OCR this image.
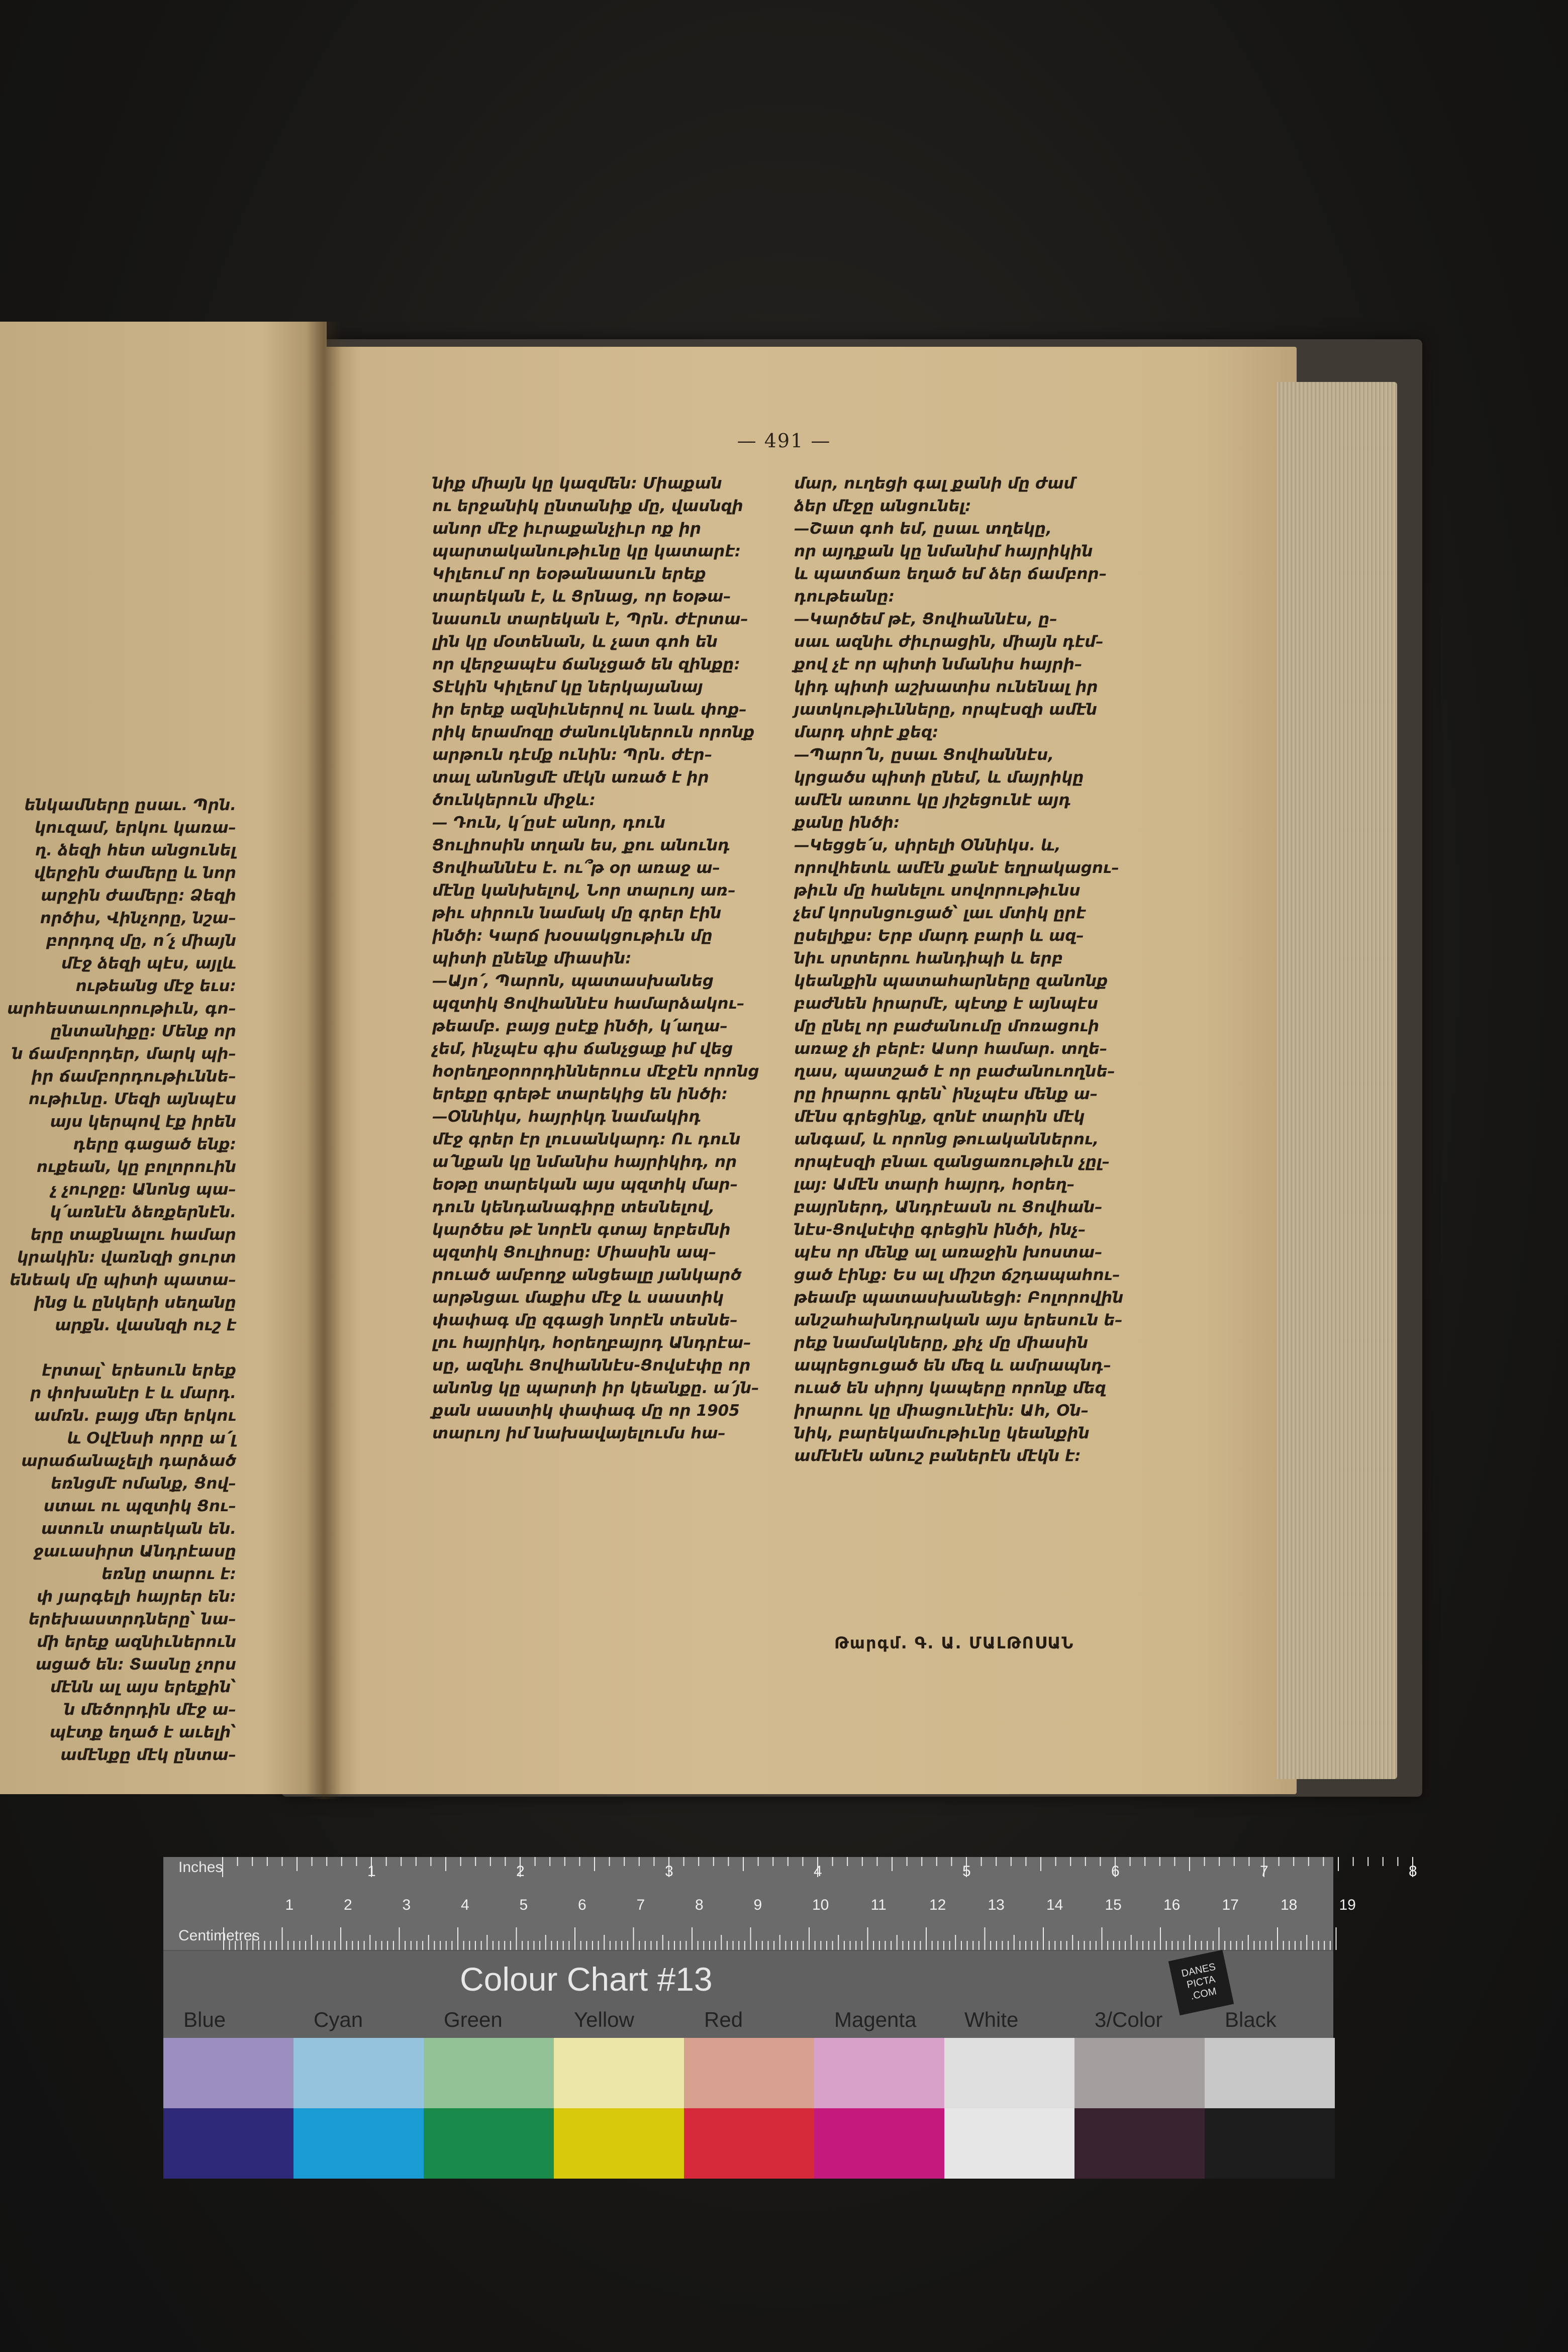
ենկամները ըսաւ. Պրն.

կուզամ, երկու կառա–

ղ. ձեզի հետ անցունել

վերջին ժամերը և նոր

արջին ժամերը։ Ձեզի

ործիս, Վինչորը, նշա–

բորդոզ մը, ո՛չ միայն

մէջ ձեզի պէս, այլև

ութեանց մէջ եւս։

արհեստաւորութիւն, գո–

ընտանիքը։ Մենք որ

ն ճամբորդեր, մարկ պի–

իր ճամբորդութիւննե–

ութիւնը. Մեզի այնպէս

այս կերպով էք իրեն

դերը գացած ենք։

ուքեան, կը բոլորուին

չ չուրջը։ Անոնց պա–

կ՛առնէն ձեռքերնէն.

երը տաքնալու համար

կրակին։ վառնզի ցուրտ

ենեակ մը պիտի պատա–

ինց և ընկերի սեղանը

արքն. վասնզի ուշ է

էրտալ՝ երեսուն երեք

ր փոխանէր է և մարդ.

ամռն. բայց մեր երկու

և Օվէնսի որրը ա՛լ

արաճանաչելի դարձած

եռնցմէ ոմանք, Ցով–

ստաւ ու պզտիկ Ցու–

ատուն տարեկան են.

ջաւասիրտ Անդրէասը

եռնը տարու է։

փ յարգելի հայրեր են։

երեխաստրդները՝ նա–

մի երեք ազնիւներուն

ացած են։ Տասնը չորս

մէնն ալ այս երեքին՝

ն մեծորդին մէջ ա–

պէտք եղած է աւելի՝

ամէնքը մէկ ընտա–

— 491 —

նիք միայն կը կազմեն։ Միաքան

ու երջանիկ ընտանիք մը, վասնզի

անոր մէջ իւրաքանչիւր ոք իր

պարտականութիւնը կը կատարէ։

Կիլեում որ եօթանասուն երեք

տարեկան է, և Ցրնաց, որ եօթա–

նասուն տարեկան է, Պրն. ժէրտա–

լին կը մօտենան, և չատ գոհ են

որ վերջապէս ճանչցած են զինքը։

Տէկին Կիլեոմ կը ներկայանայ

իր երեք ազնիւներով ու նաև փոք–

րիկ երամոզը ժանուկներուն որոնք

արթուն դէմք ունին։ Պրն. ժէր–

տալ անոնցմէ մէկն առած է իր

ծունկերուն միջև։

— Դուն, կ՛ըսէ անոր, դուն

Ցուլիոսին տղան ես, քու անունդ

Ցովհաննէս է. ու՞թ օր առաջ ա–

մէնը կանխելով, Նոր տարւոյ առ–

թիւ սիրուն նամակ մը գրեր էին

ինծի։ Կարճ խօսակցութիւն մը

պիտի ընենք միասին։

—Այո՛, Պարոն, պատասխանեց

պզտիկ Ցովհաննէս համարձակու–

թեամբ. բայց ըսէք ինծի, կ՛աղա–

չեմ, ինչպէս գիս ճանչցաք իմ վեց

հօրեղբօրորդիններուս մէջէն որոնց

երեքը գրեթէ տարեկից են ինծի։

—Օննիկս, հայրիկդ նամակիդ

մէջ գրեր էր լուսանկարդ։ Ու դուն

ա՛նքան կը նմանիս հայրիկիդ, որ

եօթը տարեկան այս պզտիկ մար–

դուն կենդանագիրը տեսնելով,

կարծես թէ նորէն գտայ երբեմնի

պզտիկ Ցուլիոսը։ Միասին ապ–

րուած ամբողջ անցեալը յանկարծ

արթնցաւ մաքիս մէջ և սաստիկ

փափագ մը զգացի նորէն տեսնե–

լու հայրիկդ, հօրեղբայրդ Անդրէա–

սը, ազնիւ Ցովհաննէս-Ցովսէփը որ

անոնց կը պարտի իր կեանքը. ա՛յն–

քան սաստիկ փափագ մը որ 1905

տարւոյ իմ նախավայելումս հա–

մար, ուղեցի գալ քանի մը ժամ

ձեր մէջը անցունել։

—Շատ գոհ եմ, ըսաւ տղեկը,

որ այդքան կը նմանիմ հայրիկին

և պատճառ եղած եմ ձեր ճամբոր–

դութեանը։

—Կարծեմ թէ, Ցովհաննէս, ը–

սաւ ազնիւ ժիւրացին, միայն դէմ–

քով չէ որ պիտի նմանիս հայրի–

կիդ պիտի աշխատիս ունենալ իր

յատկութիւնները, որպէսզի ամէն

մարդ սիրէ քեզ։

—Պարո՛ն, ըսաւ Ցովհաննէս,

կրցածս պիտի ընեմ, և մայրիկը

ամէն առտու կը յիշեցունէ այդ

քանը ինծի։

—Կեցցե՛ս, սիրելի Օննիկս. և,

որովհետև ամէն քանէ եղրակացու–

թիւն մը հանելու սովորութիւնս

չեմ կորսնցուցած՝ լաւ մտիկ ըրէ

ըսելիքս։ Երբ մարդ բարի և ազ–

նիւ սրտերու հանդիպի և երբ

կեանքին պատահարները զանոնք

բաժնեն իրարմէ, պէտք է այնպէս

մը ընել որ բաժանումը մոռացուի

առաջ չի բերէ։ Ասոր համար. տղե–

ղաս, պատշած է որ բաժանուողնե–

րը իրարու գրեն՝ ինչպէս մենք ա–

մէնս գրեցինք, զոնէ տարին մէկ

անգամ, և որոնց թուականներու,

որպէսզի բնաւ զանցառութիւն չըլ–

լայ։ Ամէն տարի հայրդ, հօրեղ–

բայրներդ, Անդրէասն ու Ցովհան–

նէս-Ցովսէփը գրեցին ինծի, ինչ–

պէս որ մենք ալ առաջին խոստա–

ցած էինք։ Ես ալ միշտ ճշդապահու–

թեամբ պատասխանեցի։ Բոլորովին

անշահախնդրական այս երեսուն ե–

րեք նամակները, քիչ մը միասին

ապրեցուցած են մեզ և ամրապնդ–

ուած են սիրոյ կապերը որոնք մեզ

իրարու կը միացունէին։ Ահ, Օն–

նիկ, բարեկամութիւնը կեանքին

ամէնէն անուշ բաներէն մէկն է։

Թարգմ. Գ. Ա. ՄԱԼԹՈՍԱՆ
1	2	3	4	5	6	7	8
1	2	3	4	5	6	7	8	9	10	11	12	13	14	15	16	17	18	19
Inches
Centimetres
Colour Chart #13	DANES PICTA .COM
Blue	Cyan	Green	Yellow	Red	Magenta White	3/Color	Black
